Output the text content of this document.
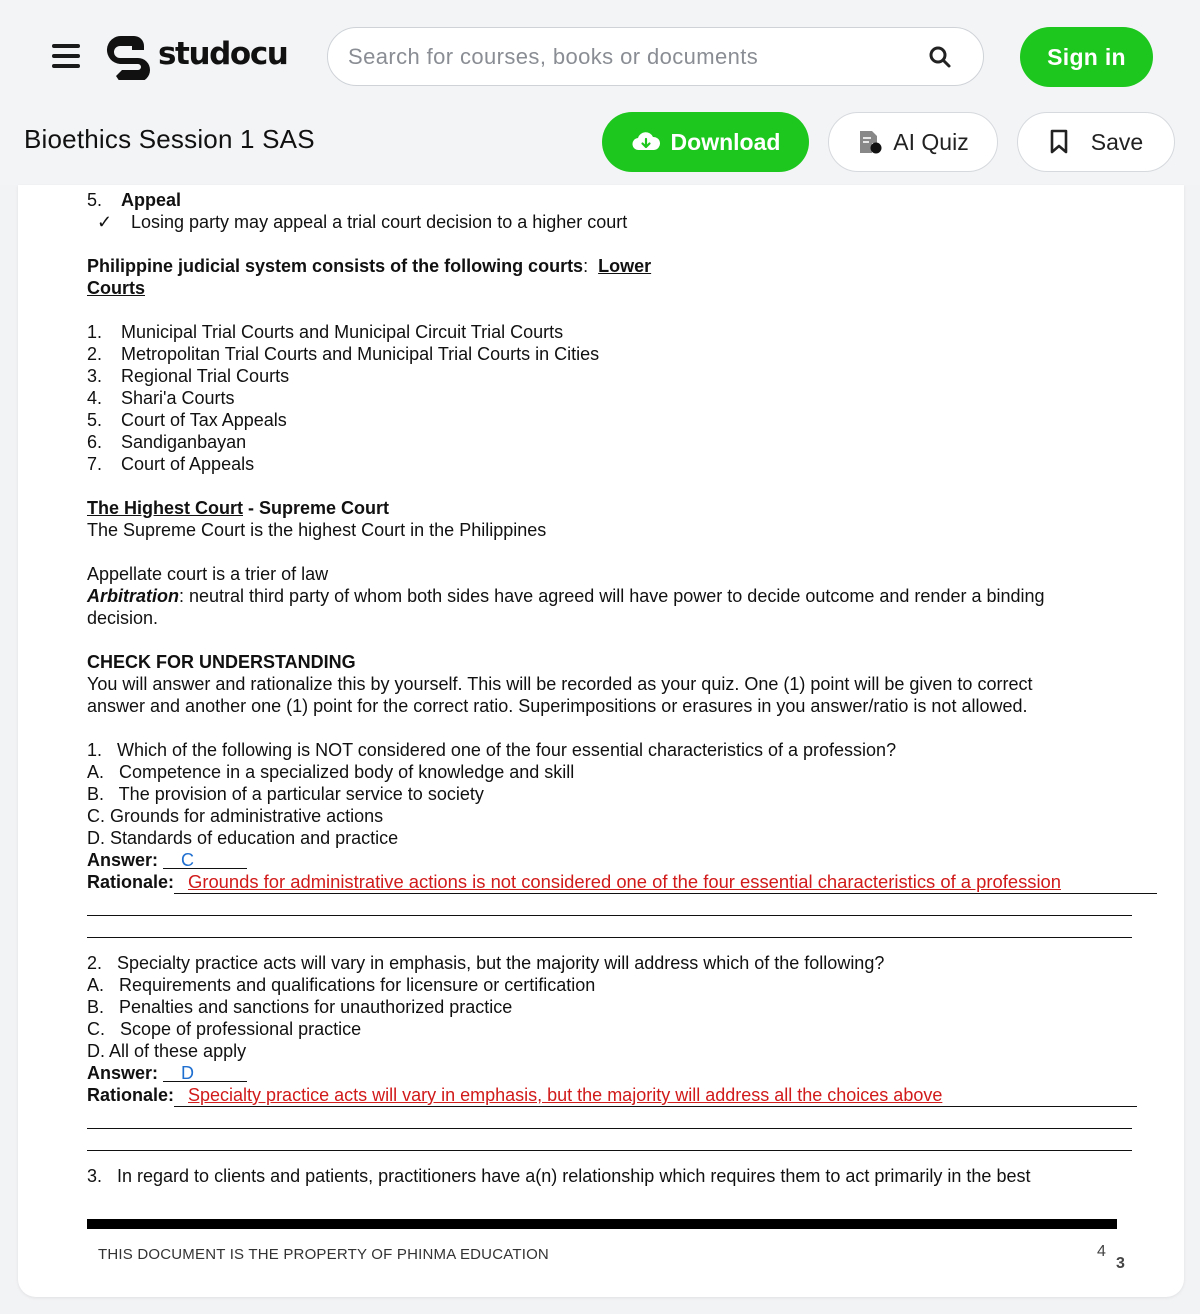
studocu
Search for courses, books or documents	Sign in
Bioethics Session 1 SAS	Download	AI Quiz	Save

5.	Appeal

✓	Losing party may appeal a trial court decision to a higher court

Philippine judicial system consists of the following courts: Lower

Courts

1.	Municipal Trial Courts and Municipal Circuit Trial Courts

2.	Metropolitan Trial Courts and Municipal Trial Courts in Cities

3.	Regional Trial Courts

4.	Shari'a Courts

5.	Court of Tax Appeals

6.	Sandiganbayan

7.	Court of Appeals

The Highest Court - Supreme Court

The Supreme Court is the highest Court in the Philippines

Appellate court is a trier of law

Arbitration: neutral third party of whom both sides have agreed will have power to decide outcome and render a binding

decision.

CHECK FOR UNDERSTANDING

You will answer and rationalize this by yourself. This will be recorded as your quiz. One (1) point will be given to correct

answer and another one (1) point for the correct ratio. Superimpositions or erasures in you answer/ratio is not allowed.

1.   Which of the following is NOT considered one of the four essential characteristics of a profession?

A.   Competence in a specialized body of knowledge and skill

B.   The provision of a particular service to society

C. Grounds for administrative actions

D. Standards of education and practice

Answer: C

Rationale: Grounds for administrative actions is not considered one of the four essential characteristics of a profession

2.   Specialty practice acts will vary in emphasis, but the majority will address which of the following?

A.   Requirements and qualifications for licensure or certification

B.   Penalties and sanctions for unauthorized practice

C.   Scope of professional practice

D. All of these apply

Answer: D

Rationale: Specialty practice acts will vary in emphasis, but the majority will address all the choices above

3.   In regard to clients and patients, practitioners have a(n) relationship which requires them to act primarily in the best

THIS DOCUMENT IS THE PROPERTY OF PHINMA EDUCATION	4
3
